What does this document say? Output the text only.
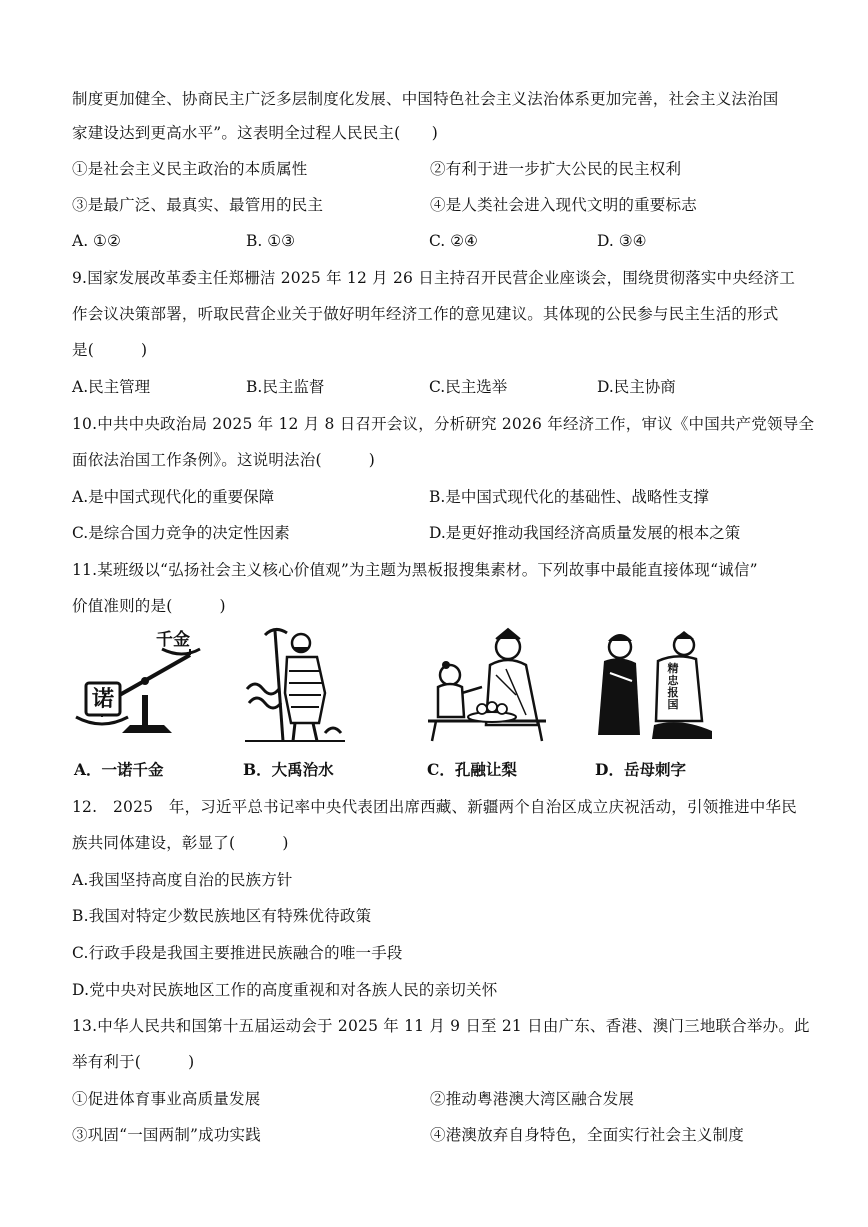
制度更加健全、协商民主广泛多层制度化发展、中国特色社会主义法治体系更加完善，社会主义法治国
家建设达到更高水平”。这表明全过程人民民主(　　)
①是社会主义民主政治的本质属性	②有利于进一步扩大公民的民主权利
③是最广泛、最真实、最管用的民主	④是人类社会进入现代文明的重要标志
A. ①②	B. ①③	C. ②④	D. ③④
9.国家发展改革委主任郑栅洁 2025 年 12 月 26 日主持召开民营企业座谈会，围绕贯彻落实中央经济工
作会议决策部署，听取民营企业关于做好明年经济工作的意见建议。其体现的公民参与民主生活的形式
是(　　　)
A.民主管理	B.民主监督	C.民主选举	D.民主协商
10.中共中央政治局 2025 年 12 月 8 日召开会议，分析研究 2026 年经济工作，审议《中国共产党领导全
面依法治国工作条例》。这说明法治(　　　)
A.是中国式现代化的重要保障	B.是中国式现代化的基础性、战略性支撑
C.是综合国力竞争的决定性因素	D.是更好推动我国经济高质量发展的根本之策
11.某班级以“弘扬社会主义核心价值观”为主题为黑板报搜集素材。下列故事中最能直接体现“诚信”
价值准则的是(　　　)
诺
千金
A．一诺千金	B．大禹治水	C．孔融让梨
精忠报国
D．岳母刺字
12.　2025　年，习近平总书记率中央代表团出席西藏、新疆两个自治区成立庆祝活动，引领推进中华民
族共同体建设，彰显了(　　　)
A.我国坚持高度自治的民族方针
B.我国对特定少数民族地区有特殊优待政策
C.行政手段是我国主要推进民族融合的唯一手段
D.党中央对民族地区工作的高度重视和对各族人民的亲切关怀
13.中华人民共和国第十五届运动会于 2025 年 11 月 9 日至 21 日由广东、香港、澳门三地联合举办。此
举有利于(　　　)
①促进体育事业高质量发展	②推动粤港澳大湾区融合发展
③巩固“一国两制”成功实践	④港澳放弃自身特色，全面实行社会主义制度
